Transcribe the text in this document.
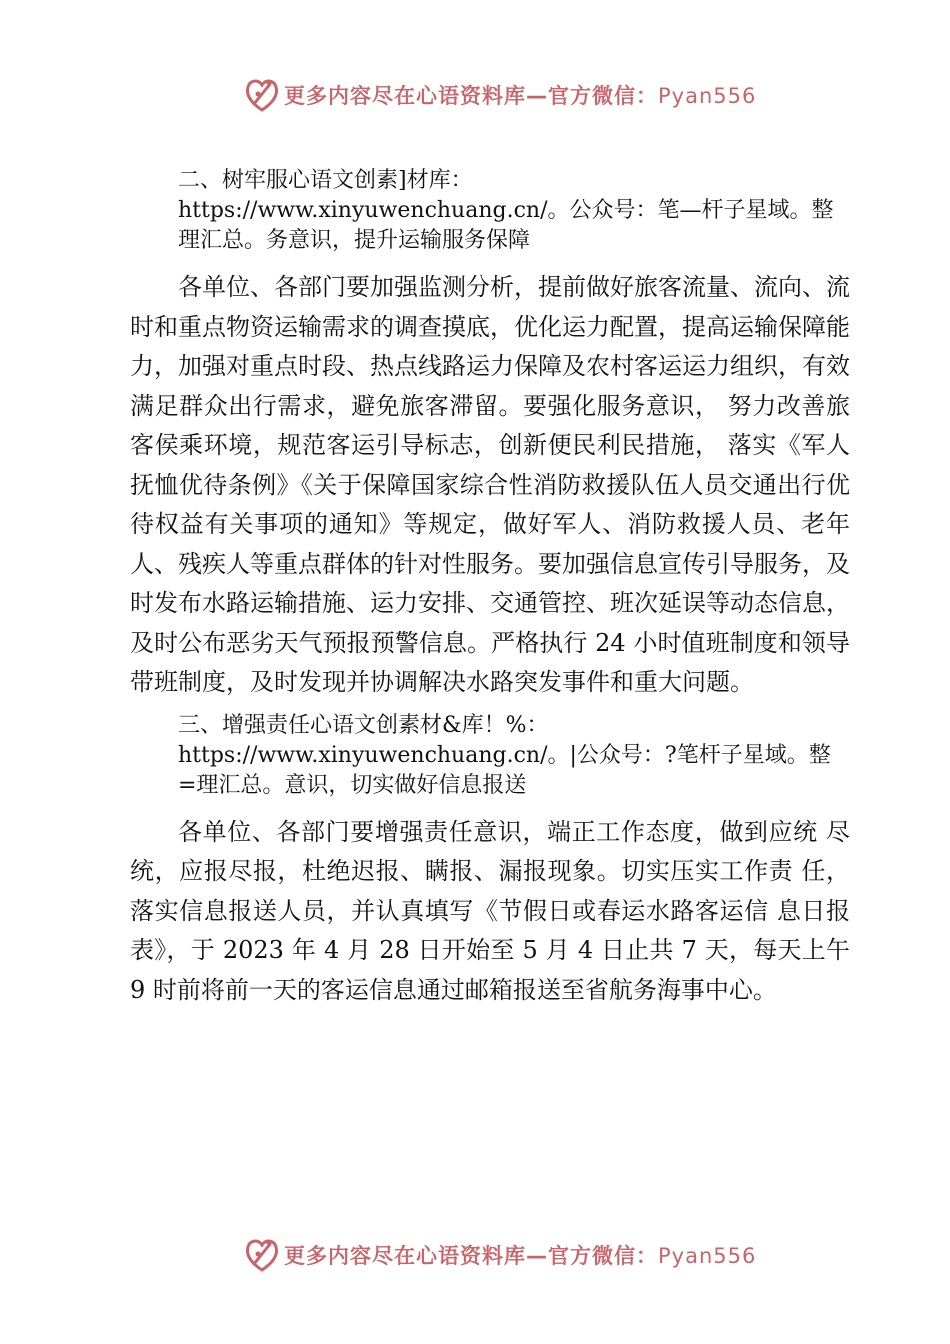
更多内容尽在心语资料库—官方微信：Pyan556
二、树牢服心语文创素]材库：https://www.xinyuwenchuang.cn/。公众号：笔—杆子星域。整理汇总。务意识，提升运输服务保障
各单位、各部门要加强监测分析，提前做好旅客流量、流向、流时和重点物资运输需求的调查摸底，优化运力配置，提高运输保障能力，加强对重点时段、热点线路运力保障及农村客运运力组织，有效满足群众出行需求，避免旅客滞留。要强化服务意识， 努力改善旅客侯乘环境，规范客运引导标志，创新便民利民措施， 落实《军人抚恤优待条例》《关于保障国家综合性消防救援队伍人员交通出行优待权益有关事项的通知》等规定，做好军人、消防救援人员、老年人、残疾人等重点群体的针对性服务。要加强信息宣传引导服务，及时发布水路运输措施、运力安排、交通管控、班次延误等动态信息，及时公布恶劣天气预报预警信息。严格执行 24 小时值班制度和领导带班制度，及时发现并协调解决水路突发事件和重大问题。
三、增强责任心语文创素材&库！%：https://www.xinyuwenchuang.cn/。|公众号：?笔杆子星域。整=理汇总。意识，切实做好信息报送
各单位、各部门要增强责任意识，端正工作态度，做到应统 尽统，应报尽报，杜绝迟报、瞒报、漏报现象。切实压实工作责 任，落实信息报送人员，并认真填写《节假日或春运水路客运信 息日报表》，于 2023 年 4 月 28 日开始至 5 月 4 日止共 7 天，每天上午 9 时前将前一天的客运信息通过邮箱报送至省航务海事中心。
更多内容尽在心语资料库—官方微信：Pyan556
